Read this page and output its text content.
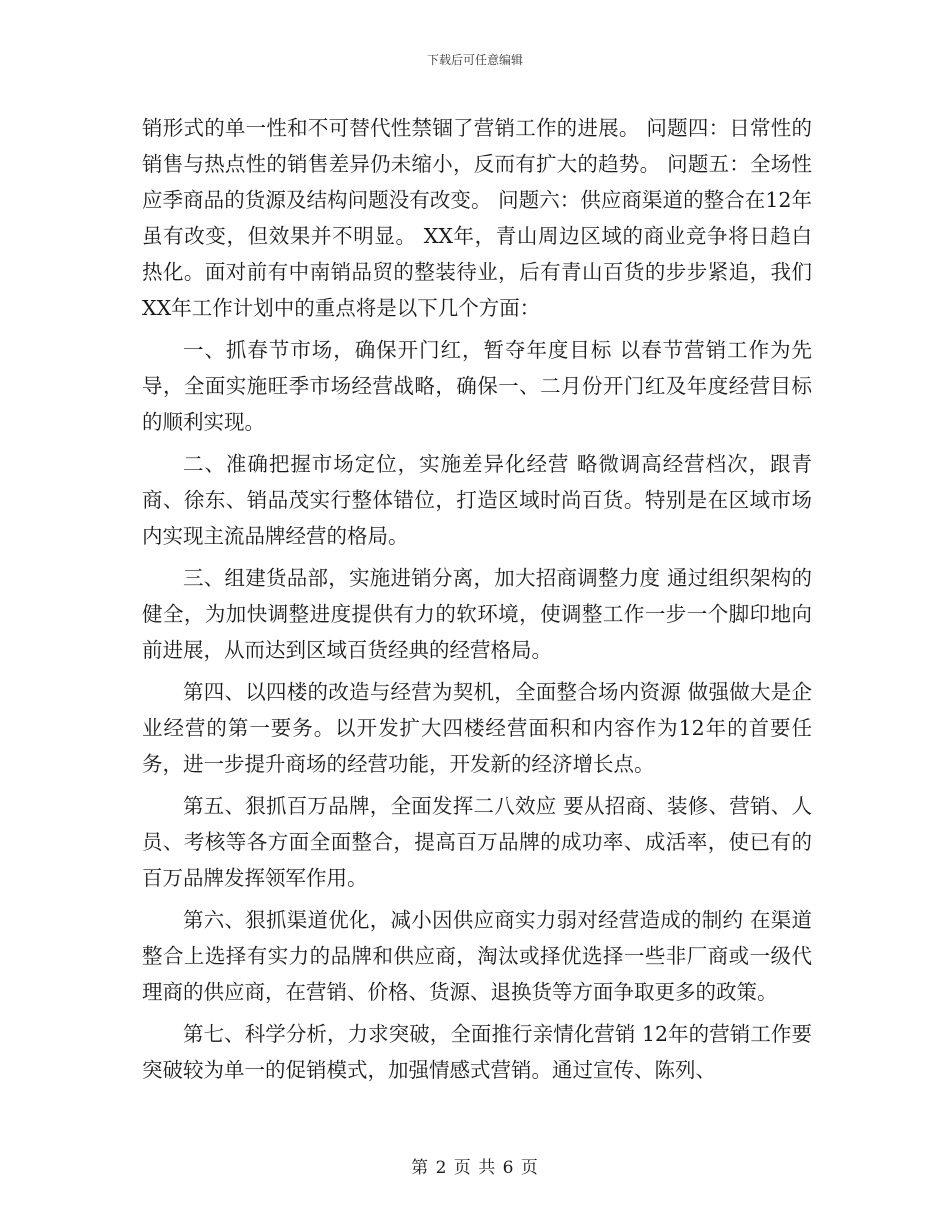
下载后可任意编辑

销形式的单一性和不可替代性禁锢了营销工作的进展。 问题四：日常性的销售与热点性的销售差异仍未缩小，反而有扩大的趋势。 问题五：全场性应季商品的货源及结构问题没有改变。 问题六：供应商渠道的整合在12年虽有改变，但效果并不明显。 XX年，青山周边区域的商业竞争将日趋白热化。面对前有中南销品贸的整装待业，后有青山百货的步步紧追，我们XX年工作计划中的重点将是以下几个方面：

一、抓春节市场，确保开门红，暂夺年度目标 以春节营销工作为先导，全面实施旺季市场经营战略，确保一、二月份开门红及年度经营目标的顺利实现。

二、准确把握市场定位，实施差异化经营 略微调高经营档次，跟青商、徐东、销品茂实行整体错位，打造区域时尚百货。特别是在区域市场内实现主流品牌经营的格局。

三、组建货品部，实施进销分离，加大招商调整力度 通过组织架构的健全，为加快调整进度提供有力的软环境，使调整工作一步一个脚印地向前进展，从而达到区域百货经典的经营格局。

第四、以四楼的改造与经营为契机，全面整合场内资源 做强做大是企业经营的第一要务。以开发扩大四楼经营面积和内容作为12年的首要任务，进一步提升商场的经营功能，开发新的经济增长点。

第五、狠抓百万品牌，全面发挥二八效应 要从招商、装修、营销、人员、考核等各方面全面整合，提高百万品牌的成功率、成活率，使已有的百万品牌发挥领军作用。

第六、狠抓渠道优化，减小因供应商实力弱对经营造成的制约 在渠道整合上选择有实力的品牌和供应商，淘汰或择优选择一些非厂商或一级代理商的供应商，在营销、价格、货源、退换货等方面争取更多的政策。

第七、科学分析，力求突破，全面推行亲情化营销 12年的营销工作要突破较为单一的促销模式，加强情感式营销。通过宣传、陈列、

第 2 页 共 6 页
